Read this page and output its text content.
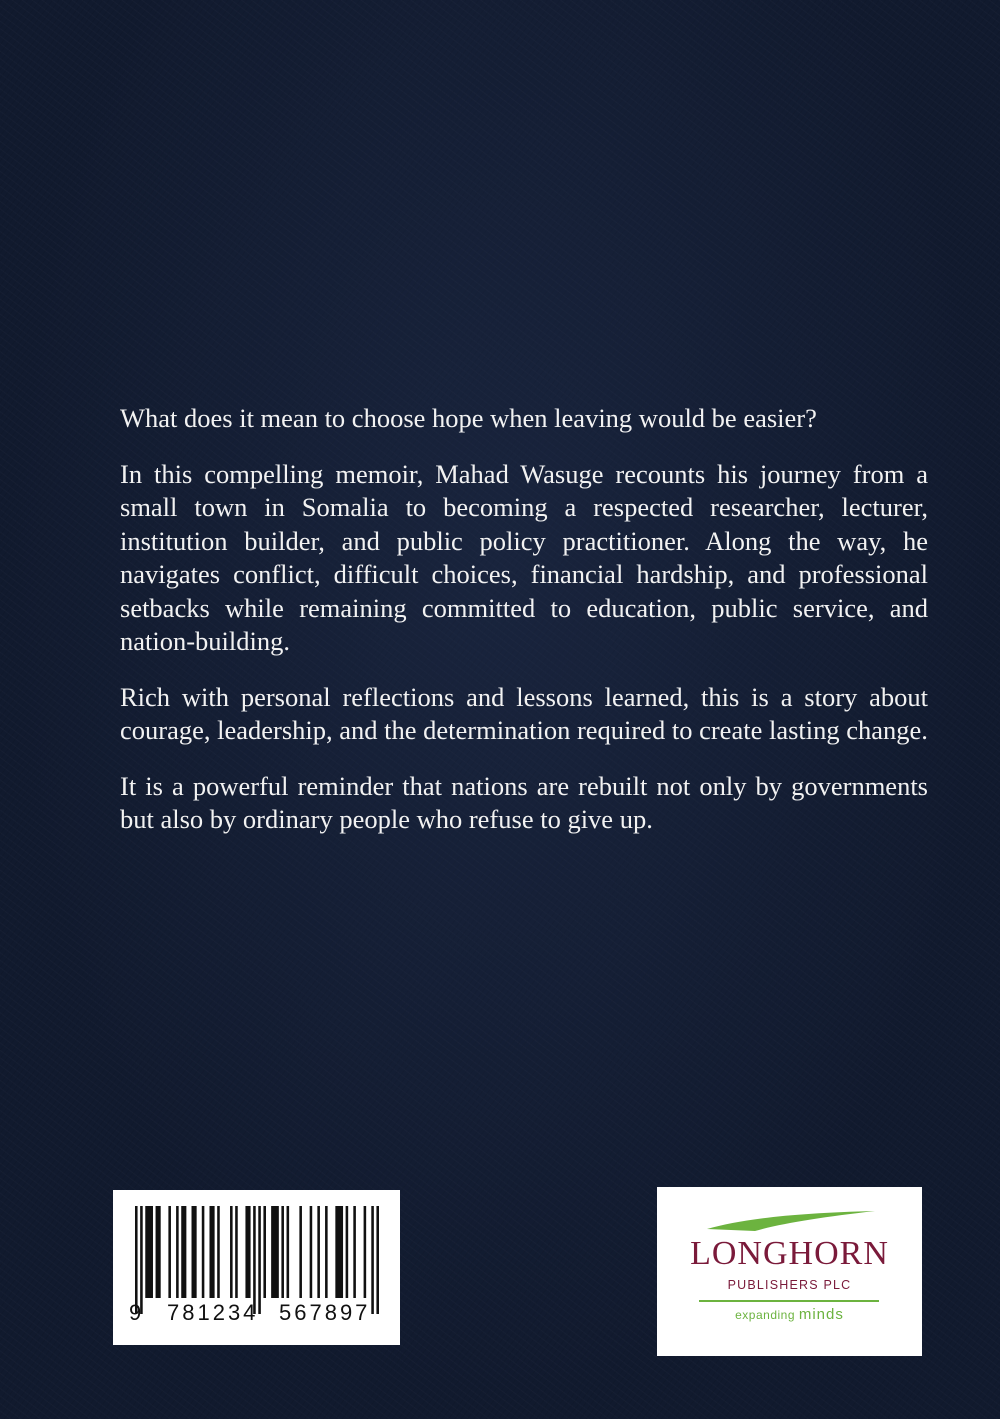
What does it mean to choose hope when leaving would be easier?

In this compelling memoir, Mahad Wasuge recounts his journey from a small town in Somalia to becoming a respected researcher, lecturer, institution builder, and public policy practitioner. Along the way, he navigates conflict, difficult choices, financial hardship, and professional setbacks while remaining committed to education, public service, and nation-building.

Rich with personal reflections and lessons learned, this is a story about courage, leadership, and the determination required to create lasting change.

It is a powerful reminder that nations are rebuilt not only by governments but also by ordinary people who refuse to give up.

9 781234 567897
LONGHORN
PUBLISHERS PLC
expanding minds
